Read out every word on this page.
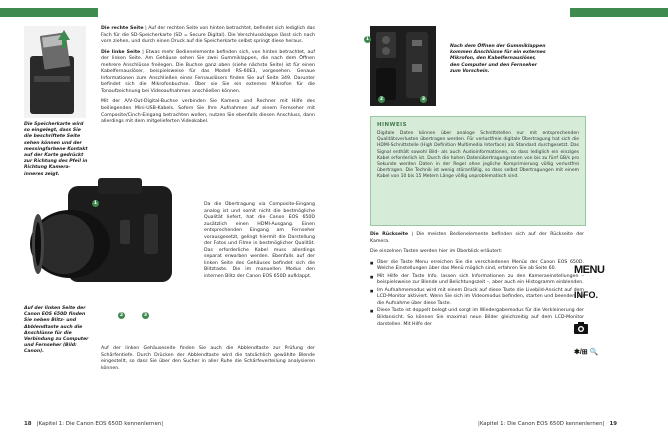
Die Speicherkarte wird so eingelegt, dass Sie die beschriftete Seite sehen können und der messingfarbene Kontakt auf der Karte gedrückt zur Richtung des Pfeil in Richtung Kamera- inneres zeigt.

Die rechte Seite | Auf der rechten Seite von hinten betrachtet, befindet sich lediglich das Fach für die SD-Speicherkarte (SD = Secure Digital). Die Verschlussklappe lässt sich nach vorn ziehen, und durch einen Druck auf die Speicherkarte selbst springt diese heraus.

Die linke Seite | Etwas mehr Bedienelemente befinden sich, von hinten betrachtet, auf der linken Seite. Am Gehäuse sehen Sie zwei Gummiklappen, die nach dem Öffnen mehrere Anschlüsse freilegen. Die Buchse ganz oben (siehe nächste Seite) ist für einen Kabelfernauslöser, beispielsweise für das Modell RS-60E3, vorgesehen. Genaue Informationen zum Anschließen eines Fernauslösers finden Sie auf Seite 349. Darunter befindet sich die Mikrofonbuchse. Über sie Sie ein externes Mikrofon für die Tonaufzeichnung bei Videoaufnahmen anschließen können.

Mit der A/V-Out-Digital-Buchse verbinden Sie Kamera und Rechner mit Hilfe des beiliegenden Mini-USB-Kabels. Sofern Sie Ihre Aufnahmen auf einem Fernseher mit Composite/Cinch-Eingang betrachten wollen, nutzen Sie ebenfalls diesen Anschluss, dann allerdings mit dem mitgelieferten Videokabel.

1
2	3
Da die Übertragung via Composite-Eingang analog ist und somit nicht die bestmögliche Qualität liefert, hat die Canon EOS 650D zusätzlich einen HDMI-Ausgang. Einen entsprechenden Eingang am Fernseher vorausgesetzt, gelingt hiermit die Darstellung der Fotos und Filme in bestmöglicher Qualität. Das erforderliche Kabel muss allerdings separat erworben werden. Ebenfalls auf der linken Seite des Gehäuses befindet sich die Blitztaste. Die im manuellen Modus den internen Blitz der Canon EOS 650D aufklappt.
Auf der linken Seite der Canon EOS 650D finden Sie neben Blitz- und Abblendtaste auch die Anschlüsse für die Verbindung zu Computer und Fernseher (Bild: Canon).
Auf der linken Gehäuseseite finden Sie auch die Abblendtaste zur Prüfung der Schärfentiefe. Durch Drücken der Abblendtaste wird die tatsächlich gewählte Blende eingestellt, so dass Sie über den Sucher in aller Ruhe die Schärfeverteilung analysieren können.
18   |Kapitel 1: Die Canon EOS 650D kennenlernen|
1
2	3
Nach dem Öffnen der Gummiklappen kommen Anschlüsse für ein externes Mikrofon, den Kabelfernauslöser, den Computer und den Fernseher zum Vorschein.
HINWEIS
Digitale Daten können über analoge Schnittstellen nur mit entsprechenden Qualitätsverlusten übertragen werden. Für verlustfreie digitale Übertragung hat sich die HDMI-Schnittstelle (High Definition Multimedia Interface) als Standard durchgesetzt. Das Signal enthält sowohl Bild- als auch Audioinformationen, so dass lediglich ein einziges Kabel erforderlich ist. Durch die hohen Datenübertragungsraten von bis zu fünf GB/s pro Sekunde werden Daten in der Regel ohne jegliche Komprimierung völlig verlustfrei übertragen. Die Technik ist wenig störanfällig, so dass selbst Übertragungen mit einem Kabel von 10 bis 15 Metern Länge völlig unproblematisch sind.

Die Rückseite | Die meisten Bedienelemente befinden sich auf der Rückseite der Kamera.

Die einzelnen Tasten werden hier im Überblick erläutert:

■ Über die Taste Menu erreichen Sie die verschiedenen Menüs der Canon EOS 650D. Welche Einstellungen über das Menü möglich sind, erfahren Sie ab Seite 60.
■ Mit Hilfe der Taste Info. lassen sich Informationen zu den Kameraeinstellungen – beispielsweise zur Blende und Belichtungszeit –, aber auch ein Histogramm einblenden.
■ Im Aufnahmemodus wird mit einem Druck auf diese Taste die Livebild-Ansicht auf dem LCD-Monitor aktiviert. Wenn Sie sich im Videomodus befinden, starten und beenden Sie die Aufnahme über diese Taste.
■ Diese Taste ist doppelt belegt und sorgt im Wiedergabemodus für die Verkleinerung der Bildansicht. So können Sie maximal neun Bilder gleichzeitig auf dem LCD-Monitor darstellen. Mit Hilfe der
MENU
INFO.
✱/⊞ 🔍
|Kapitel 1: Die Canon EOS 650D kennenlernen|   19
